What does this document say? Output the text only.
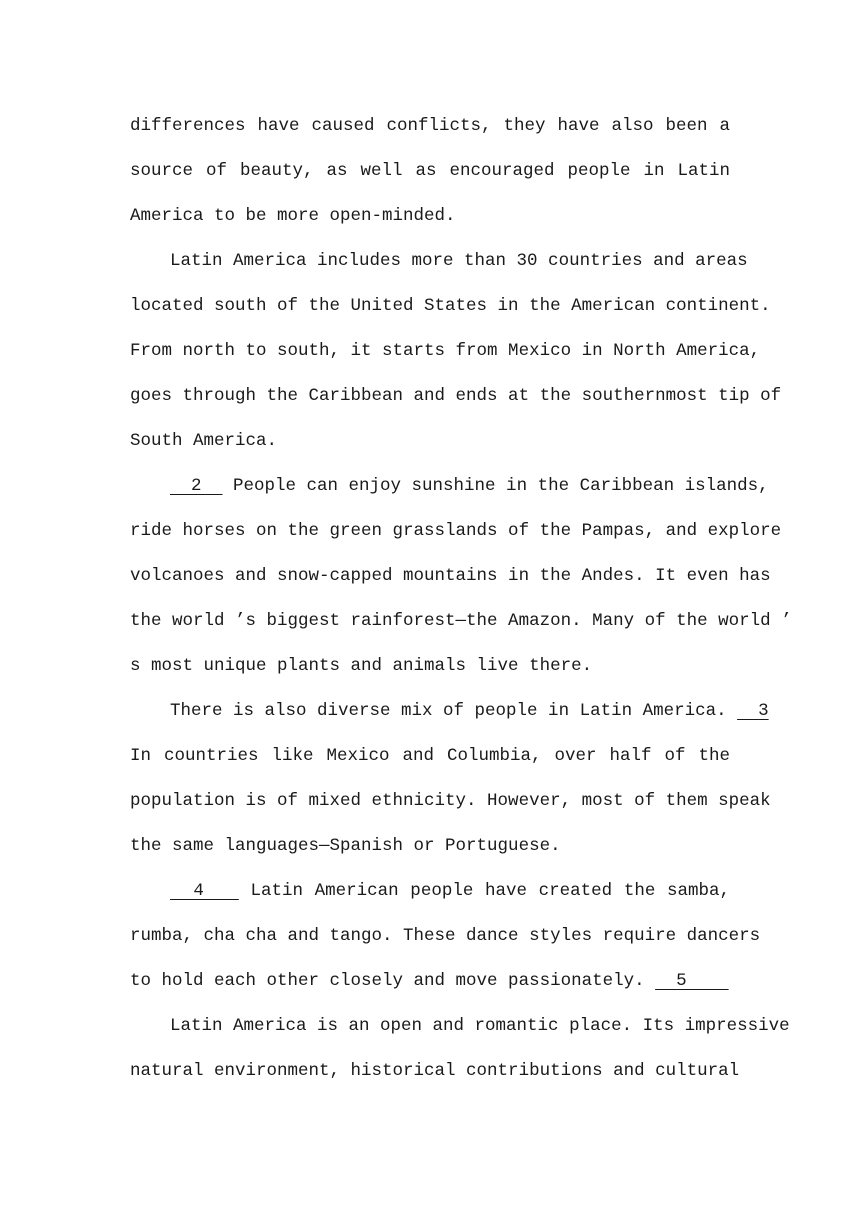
differences have caused conflicts, they have also been a
source of beauty, as well as encouraged people in Latin
America to be more open-minded.
Latin America includes more than 30 countries and areas
located south of the United States in the American continent.
From north to south, it starts from Mexico in North America,
goes through the Caribbean and ends at the southernmost tip of
South America.
2   People can enjoy sunshine in the Caribbean islands,
ride horses on the green grasslands of the Pampas, and explore
volcanoes and snow-capped mountains in the Andes. It even has
the world ’s biggest rainforest—the Amazon. Many of the world ’
s most unique plants and animals live there.
There is also diverse mix of people in Latin America.   3
In countries like Mexico and Columbia, over half of the
population is of mixed ethnicity. However, most of them speak
the same languages—Spanish or Portuguese.
4    Latin American people have created the samba,
rumba, cha cha and tango. These dance styles require dancers
to hold each other closely and move passionately.   5
Latin America is an open and romantic place. Its impressive
natural environment, historical contributions and cultural
